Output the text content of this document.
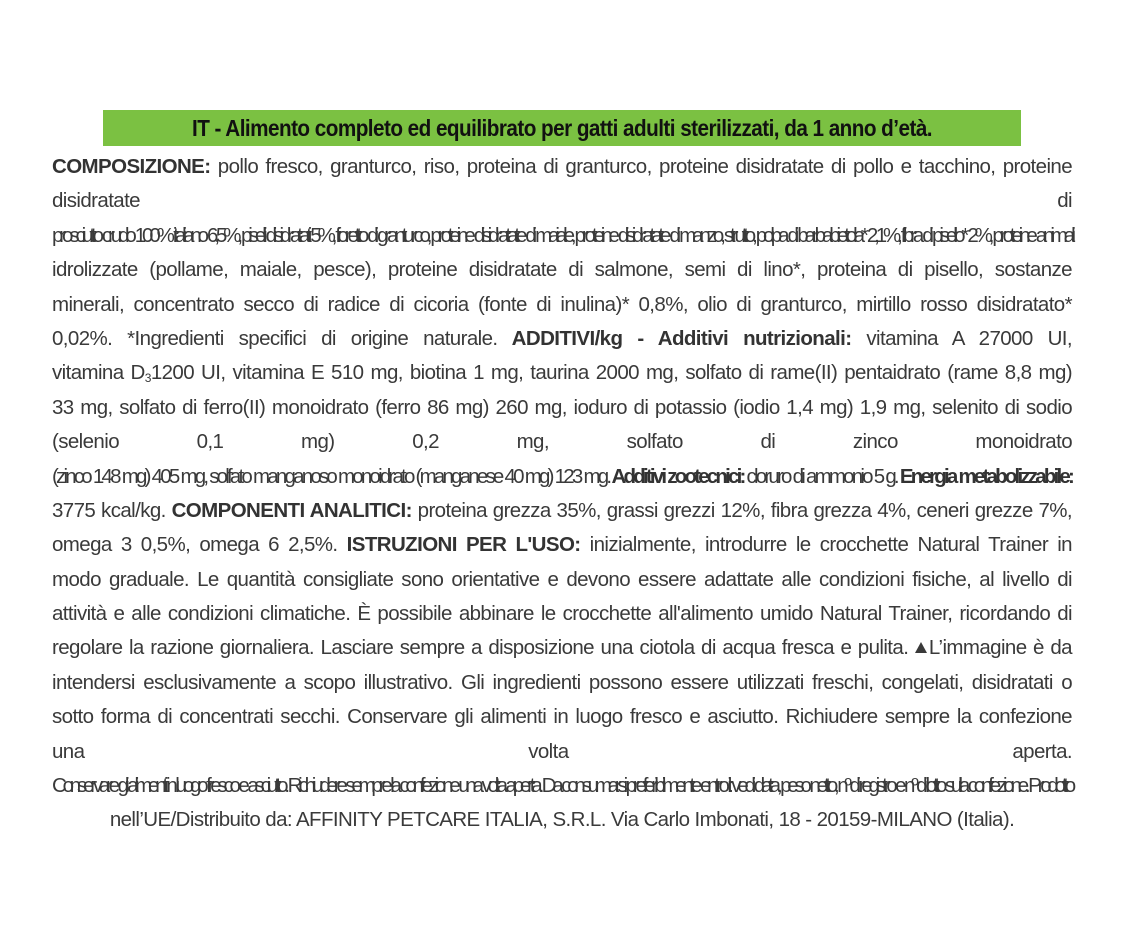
IT - Alimento completo ed equilibrato per gatti adulti sterilizzati, da 1 anno d’età.
COMPOSIZIONE: pollo fresco, granturco, riso, proteina di granturco, proteine disidratate di pollo e tacchino, proteine
disidratate di
prosciutto crudo 100% italiano 6,5%, piselli disidratati 5%, fioretto di granturco, proteine disidratate di maiale, proteine disidratate di manzo, strutto, polpa di barbabietola* 2,1%, fibra di pisello* 2%, proteine animali
idrolizzate (pollame, maiale, pesce), proteine disidratate di salmone, semi di lino*, proteina di pisello, sostanze
minerali, concentrato secco di radice di cicoria (fonte di inulina)* 0,8%, olio di granturco, mirtillo rosso disidratato*
0,02%. *Ingredienti specifici di origine naturale. ADDITIVI/kg - Additivi nutrizionali: vitamina A 27000 UI,
vitamina $D_31200$ UI, vitamina E 510 mg, biotina 1 mg, taurina 2000 mg, solfato di rame(II) pentaidrato (rame 8,8 mg)
33 mg, solfato di ferro(II) monoidrato (ferro 86 mg) 260 mg, ioduro di potassio (iodio 1,4 mg) 1,9 mg, selenito di sodio
(selenio 0,1 mg) 0,2 mg, solfato di zinco monoidrato
(zinco 148 mg) 405 mg, solfato manganoso monoidrato (manganese 40 mg) 123 mg. Additivi zootecnici: cloruro di ammonio 5 g. Energia metabolizzabile:
3775 kcal/kg. COMPONENTI ANALITICI: proteina grezza 35%, grassi grezzi 12%, fibra grezza 4%, ceneri grezze 7%,
omega 3 0,5%, omega 6 2,5%. ISTRUZIONI PER L'USO: inizialmente, introdurre le crocchette Natural Trainer in
modo graduale. Le quantità consigliate sono orientative e devono essere adattate alle condizioni fisiche, al livello di
attività e alle condizioni climatiche. È possibile abbinare le crocchette all'alimento umido Natural Trainer, ricordando di
regolare la razione giornaliera. Lasciare sempre a disposizione una ciotola di acqua fresca e pulita. L’immagine è da
intendersi esclusivamente a scopo illustrativo. Gli ingredienti possono essere utilizzati freschi, congelati, disidratati o
sotto forma di concentrati secchi. Conservare gli alimenti in luogo fresco e asciutto. Richiudere sempre la confezione
una volta aperta.
Conservare gli alimenti in luogo fresco e asciutto. Richiudere sempre la confezione una volta aperta. Da consumarsi preferibilmente entro il: vedi data, peso netto, nº di registro e nº di lotto sulla confezione. Prodotto
nell’UE/Distribuito da: AFFINITY PETCARE ITALIA, S.R.L. Via Carlo Imbonati, 18 - 20159-MILANO (Italia).
